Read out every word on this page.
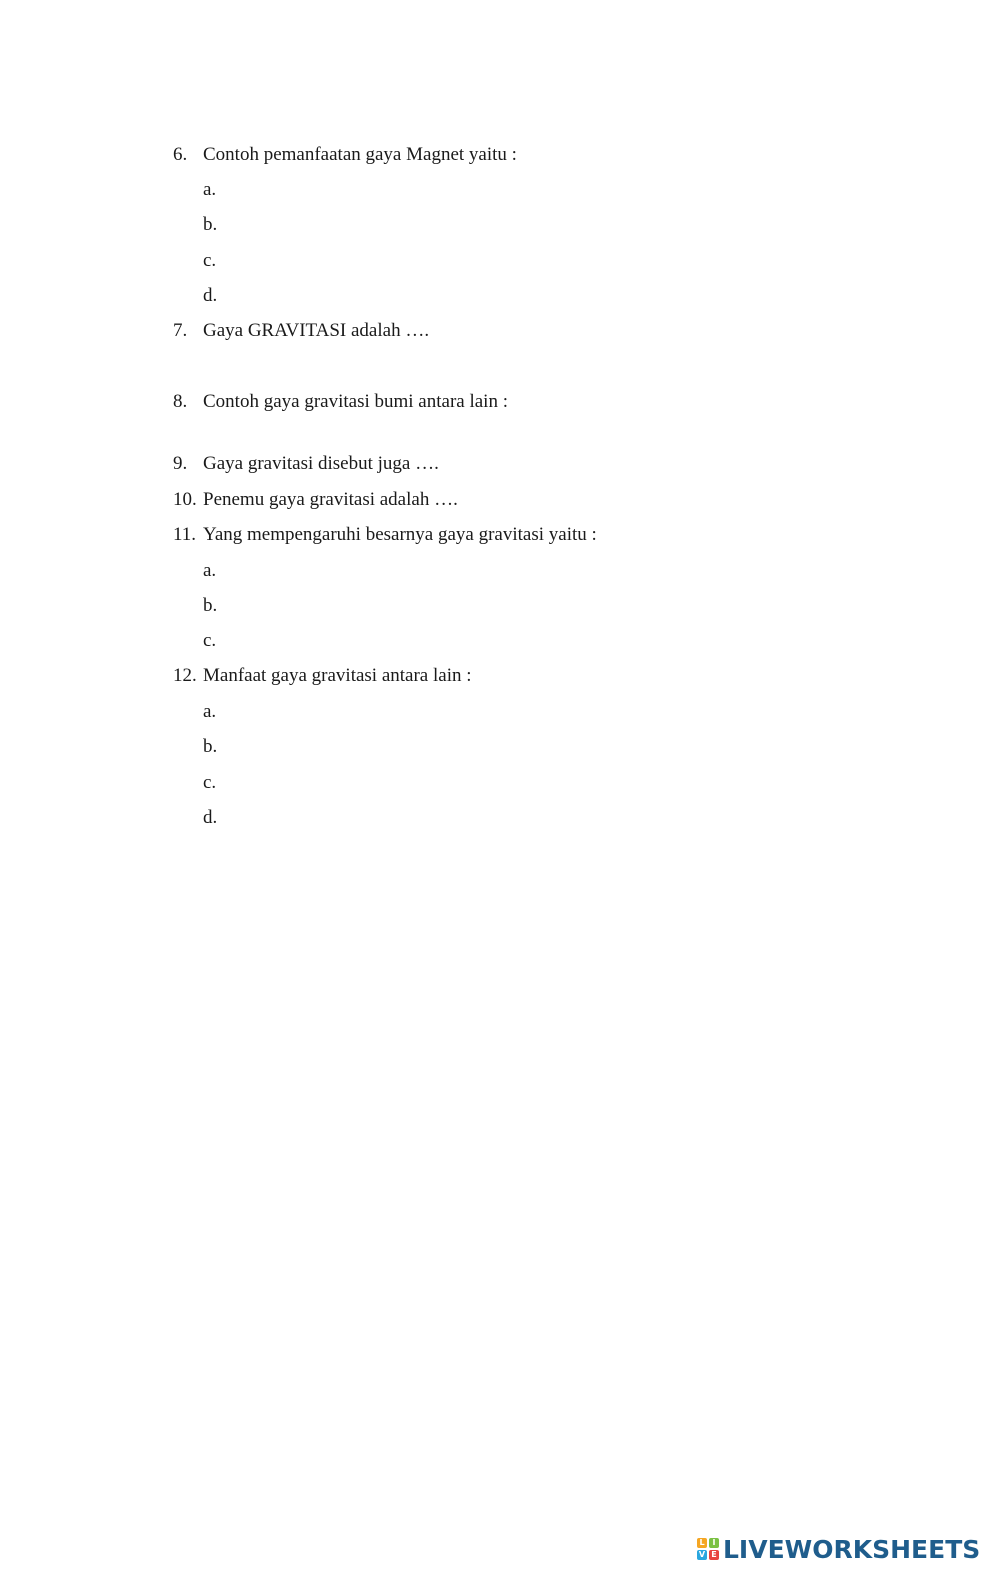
6. Contoh pemanfaatan gaya Magnet yaitu :
a.
b.
c.
d.
7. Gaya GRAVITASI adalah ….
8. Contoh gaya gravitasi bumi antara lain :
9. Gaya gravitasi disebut juga ….
10. Penemu gaya gravitasi adalah ….
11. Yang mempengaruhi besarnya gaya gravitasi yaitu :
a.
b.
c.
12. Manfaat gaya gravitasi antara lain :
a.
b.
c.
d.
L I
V E LIVEWORKSHEETS
